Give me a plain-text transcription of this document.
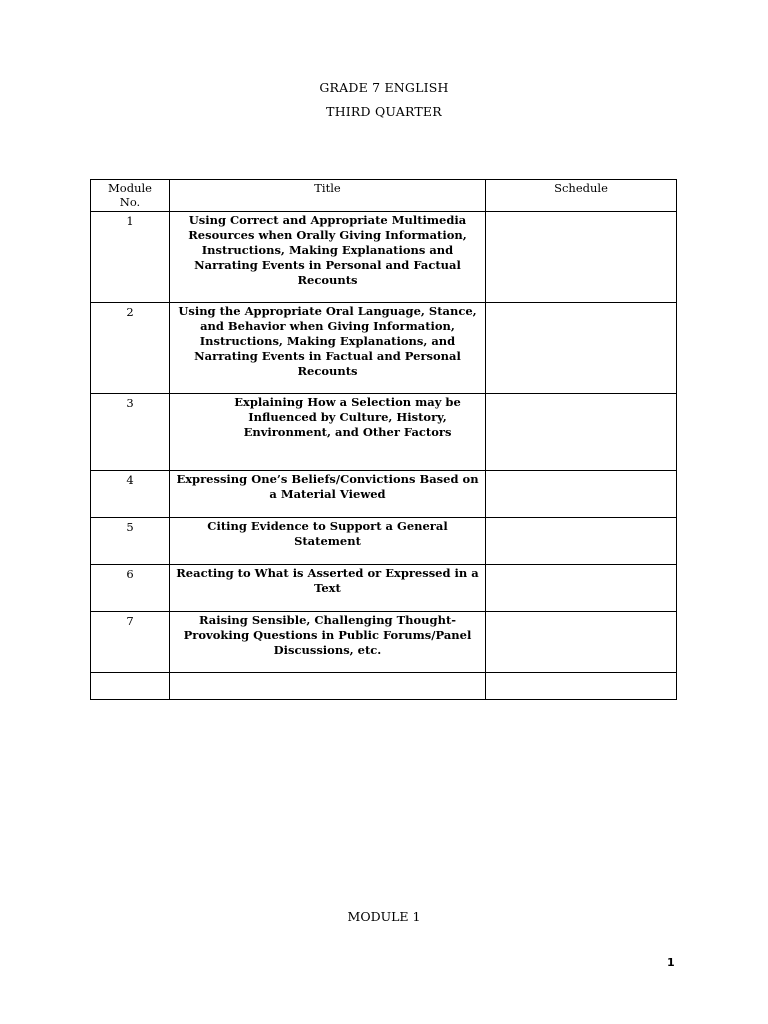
GRADE 7 ENGLISH
THIRD QUARTER
Module No.	Title	Schedule
1	Using Correct and Appropriate Multimedia Resources when Orally Giving Information, Instructions, Making Explanations and Narrating Events in Personal and Factual Recounts	
2	Using the Appropriate Oral Language, Stance, and Behavior when Giving Information, Instructions, Making Explanations, and Narrating Events in Factual and Personal Recounts	
3	Explaining How a Selection may be Influenced by Culture, History, Environment, and Other Factors	
4	Expressing One’s Beliefs/Convictions Based on a Material Viewed	
5	Citing Evidence to Support a General Statement	
6	Reacting to What is Asserted or Expressed in a Text	
7	Raising Sensible, Challenging Thought-Provoking Questions in Public Forums/Panel Discussions, etc.	

MODULE 1
1
